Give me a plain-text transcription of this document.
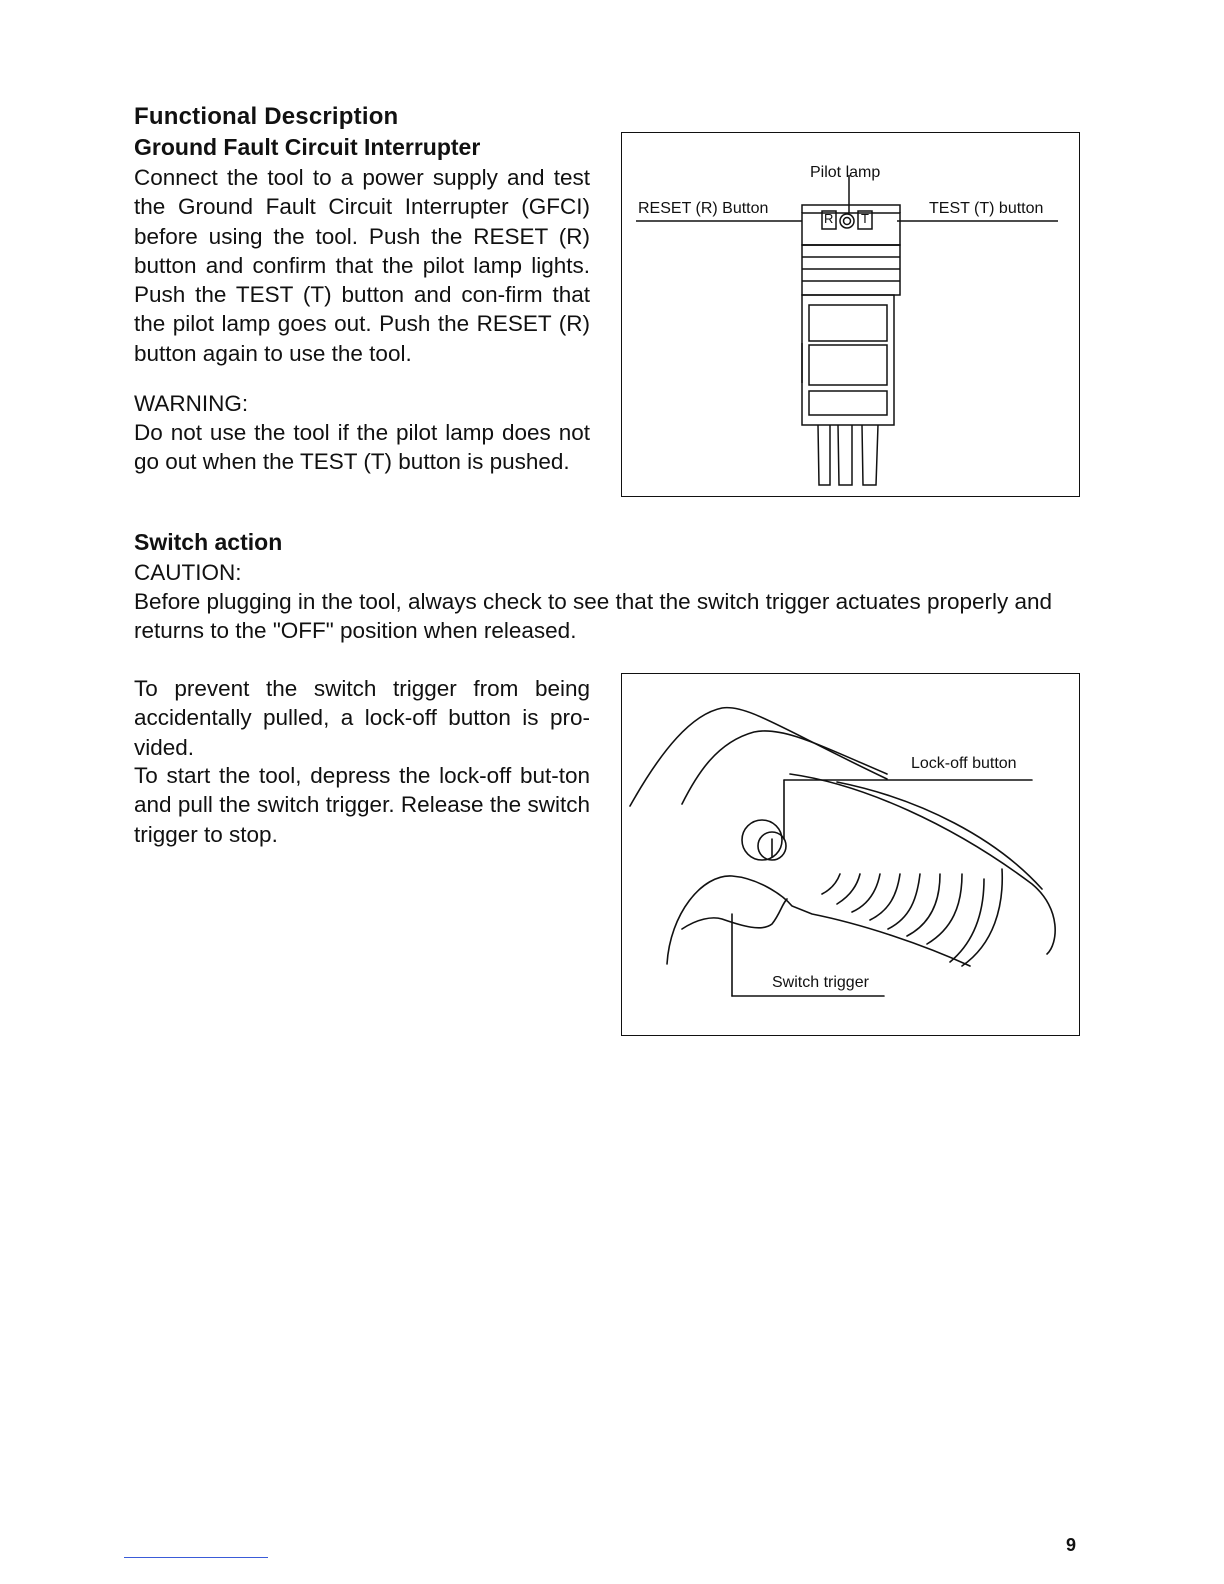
Functional Description
Ground Fault Circuit Interrupter
Connect the tool to a power supply and test the Ground Fault Circuit Interrupter (GFCI) before using the tool. Push the RESET (R) button and confirm that the pilot lamp lights. Push the TEST (T) button and con-firm that the pilot lamp goes out. Push the RESET (R) button again to use the tool.
WARNING:
Do not use the tool if the pilot lamp does not go out when the TEST (T) button is pushed.
Pilot lamp
RESET (R) Button	TEST (T) button
R T
Switch action
CAUTION:
Before plugging in the tool, always check to see that the switch trigger actuates properly and returns to the "OFF" position when released.
To prevent the switch trigger from being accidentally pulled, a lock-off button is pro-vided.
To start the tool, depress the lock-off but-ton and pull the switch trigger. Release the switch trigger to stop.
Lock-off button
Switch trigger
9
